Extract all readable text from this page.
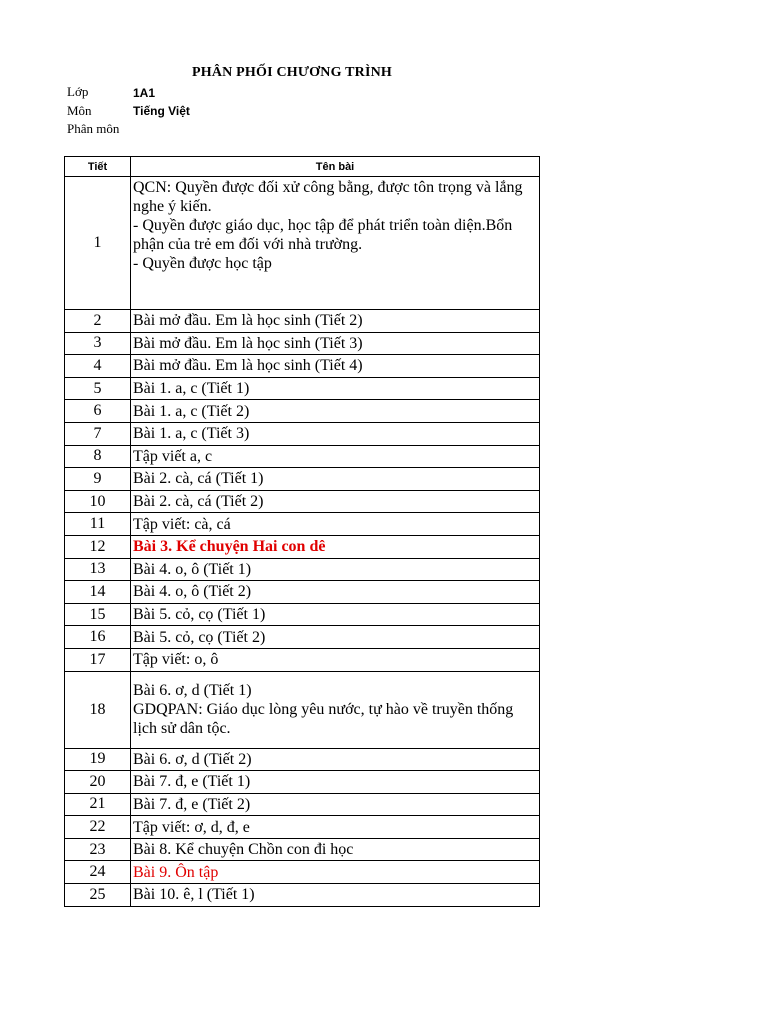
PHÂN PHỐI CHƯƠNG TRÌNH
Lớp	1A1
Môn	Tiếng Việt
Phân môn
Tiết	Tên bài
1	QCN: Quyền được đối xử công bằng, được tôn trọng và lắng nghe ý kiến.
- Quyền được giáo dục, học tập để phát triển toàn diện.Bổn phận của trẻ em đối với nhà trường.
- Quyền được học tập

2	Bài mở đầu. Em là học sinh (Tiết 2)

3	Bài mở đầu. Em là học sinh (Tiết 3)

4	Bài mở đầu. Em là học sinh (Tiết 4)

5	Bài 1. a, c (Tiết 1)

6	Bài 1. a, c (Tiết 2)

7	Bài 1. a, c (Tiết 3)

8	Tập viết a, c

9	Bài 2. cà, cá (Tiết 1)

10	Bài 2. cà, cá (Tiết 2)

11	Tập viết: cà, cá

12	Bài 3. Kể chuyện Hai con dê

13	Bài 4. o, ô (Tiết 1)

14	Bài 4. o, ô (Tiết 2)

15	Bài 5. cỏ, cọ (Tiết 1)

16	Bài 5. cỏ, cọ (Tiết 2)

17	Tập viết: o, ô

18	Bài 6. ơ, d (Tiết 1)
GDQPAN: Giáo dục lòng yêu nước, tự hào về truyền thống lịch sử dân tộc.

19	Bài 6. ơ, d (Tiết 2)

20	Bài 7. đ, e (Tiết 1)

21	Bài 7. đ, e (Tiết 2)

22	Tập viết: ơ, d, đ, e

23	Bài 8. Kể chuyện Chồn con đi học

24	Bài 9. Ôn tập

25	Bài 10. ê, l (Tiết 1)
